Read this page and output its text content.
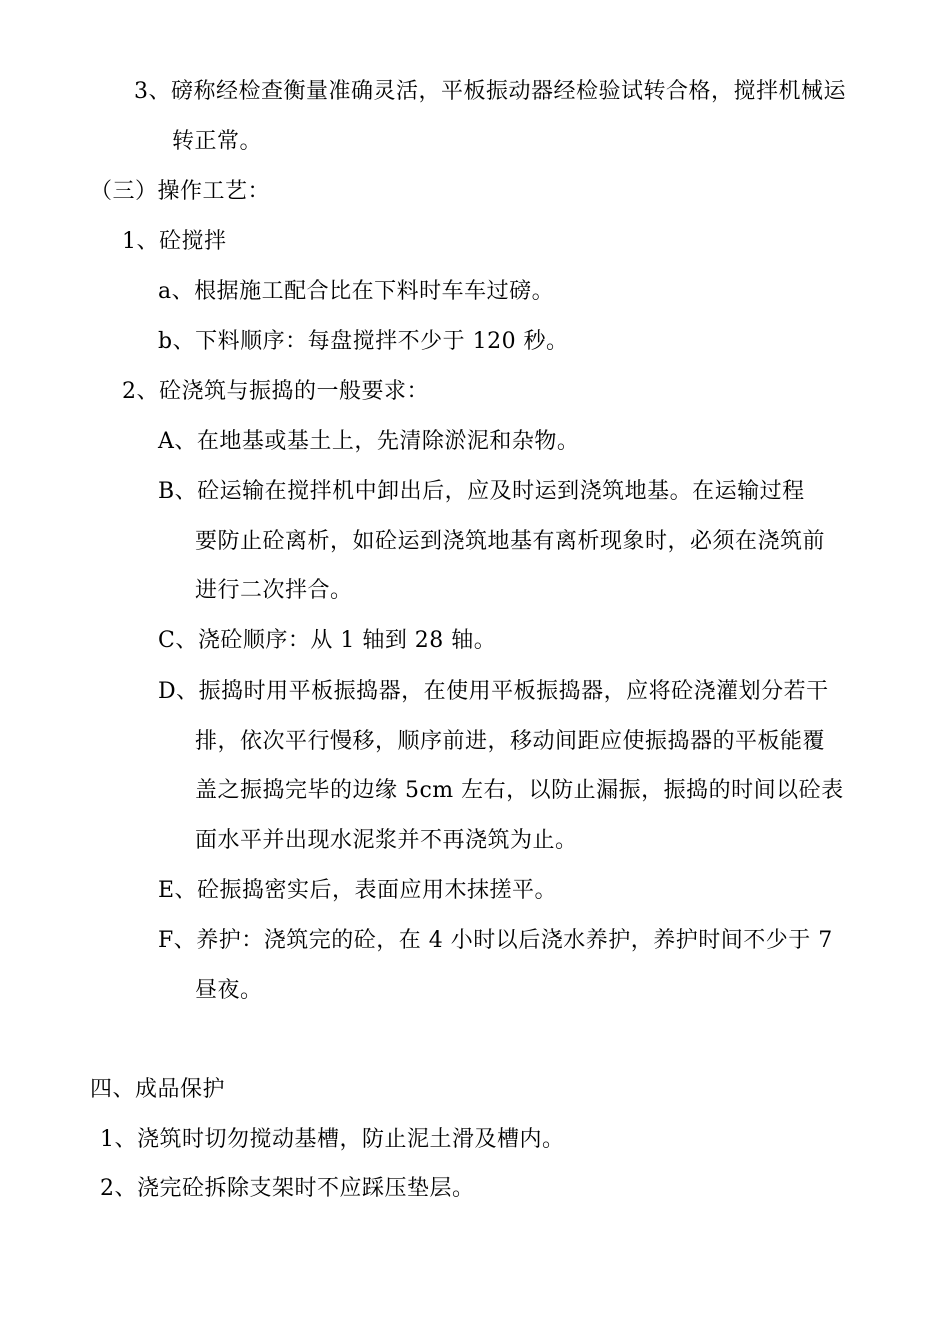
3、磅称经检查衡量准确灵活，平板振动器经检验试转合格，搅拌机械运
转正常。
（三）操作工艺：
1、砼搅拌
a、根据施工配合比在下料时车车过磅。
b、下料顺序：每盘搅拌不少于 120 秒。
2、砼浇筑与振捣的一般要求：
A、在地基或基土上，先清除淤泥和杂物。
B、砼运输在搅拌机中卸出后，应及时运到浇筑地基。在运输过程
要防止砼离析，如砼运到浇筑地基有离析现象时，必须在浇筑前
进行二次拌合。
C、浇砼顺序：从 1 轴到 28 轴。
D、振捣时用平板振捣器，在使用平板振捣器，应将砼浇灌划分若干
排，依次平行慢移，顺序前进，移动间距应使振捣器的平板能覆
盖之振捣完毕的边缘 5cm 左右，以防止漏振，振捣的时间以砼表
面水平并出现水泥浆并不再浇筑为止。
E、砼振捣密实后，表面应用木抹搓平。
F、养护：浇筑完的砼，在 4 小时以后浇水养护，养护时间不少于 7
昼夜。
四、成品保护
1、浇筑时切勿搅动基槽，防止泥土滑及槽内。
2、浇完砼拆除支架时不应踩压垫层。
